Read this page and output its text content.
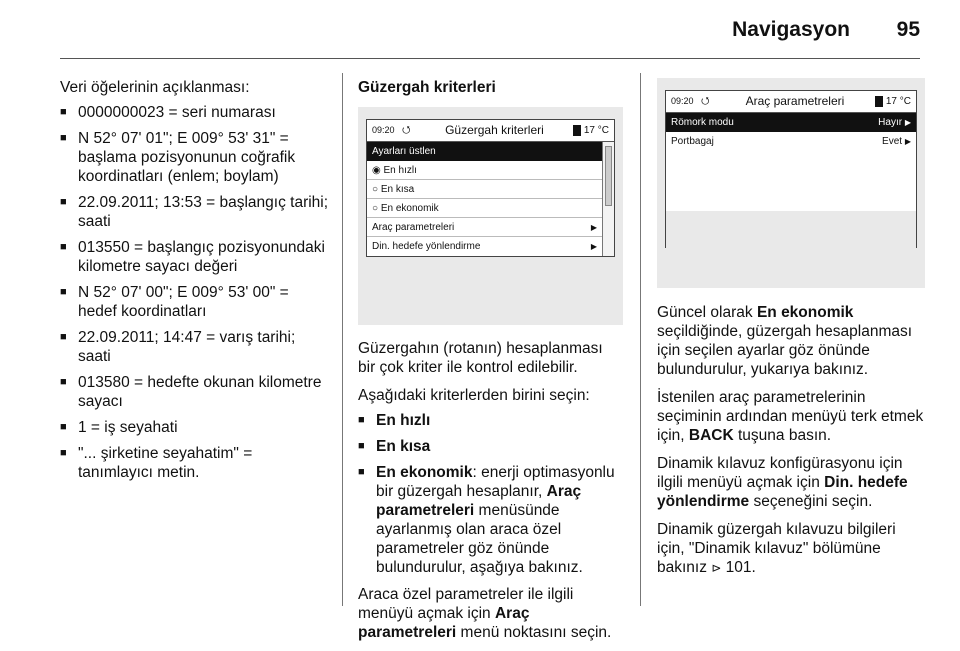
Navigasyon	95

Veri öğelerinin açıklanması:

■ 0000000023 = seri numarası
■ N 52° 07' 01"; E 009° 53' 31" = başlama pozisyonunun coğrafik koordinatları (enlem; boylam)
■ 22.09.2011; 13:53 = başlangıç tarihi; saati
■ 013550 = başlangıç pozisyonundaki kilometre sayacı değeri
■ N 52° 07' 00"; E 009° 53' 00" = hedef koordinatları
■ 22.09.2011; 14:47 = varış tarihi; saati
■ 013580 = hedefte okunan kilometre sayacı
■ 1 = iş seyahati
■ "... şirketine seyahatim" = tanımlayıcı metin.
Güzergah kriterleri
09:20 ⭯	Güzergah kriterleri	17 °C
Ayarları üstlen
◉ En hızlı
○ En kısa
○ En ekonomik
Araç parametreleri	▶
Din. hedefe yönlendirme	▶

Güzergahın (rotanın) hesaplanması bir çok kriter ile kontrol edilebilir.

Aşağıdaki kriterlerden birini seçin:

■ En hızlı
■ En kısa
■ En ekonomik: enerji optimasyonlu bir güzergah hesaplanır, Araç parametreleri menüsünde ayarlanmış olan araca özel parametreler göz önünde bulundurulur, aşağıya bakınız.

Araca özel parametreler ile ilgili menüyü açmak için Araç parametreleri menü noktasını seçin.

09:20 ⭯	Araç parametreleri	17 °C
Römork modu	Hayır ▶
Portbagaj	Evet ▶

Güncel olarak En ekonomik seçildiğinde, güzergah hesaplanması için seçilen ayarlar göz önünde bulundurulur, yukarıya bakınız.

İstenilen araç parametrelerinin seçiminin ardından menüyü terk etmek için, BACK tuşuna basın.

Dinamik kılavuz konfigürasyonu için ilgili menüyü açmak için Din. hedefe yönlendirme seçeneğini seçin.

Dinamik güzergah kılavuzu bilgileri için, "Dinamik kılavuz" bölümüne bakınız ⊳ 101.
